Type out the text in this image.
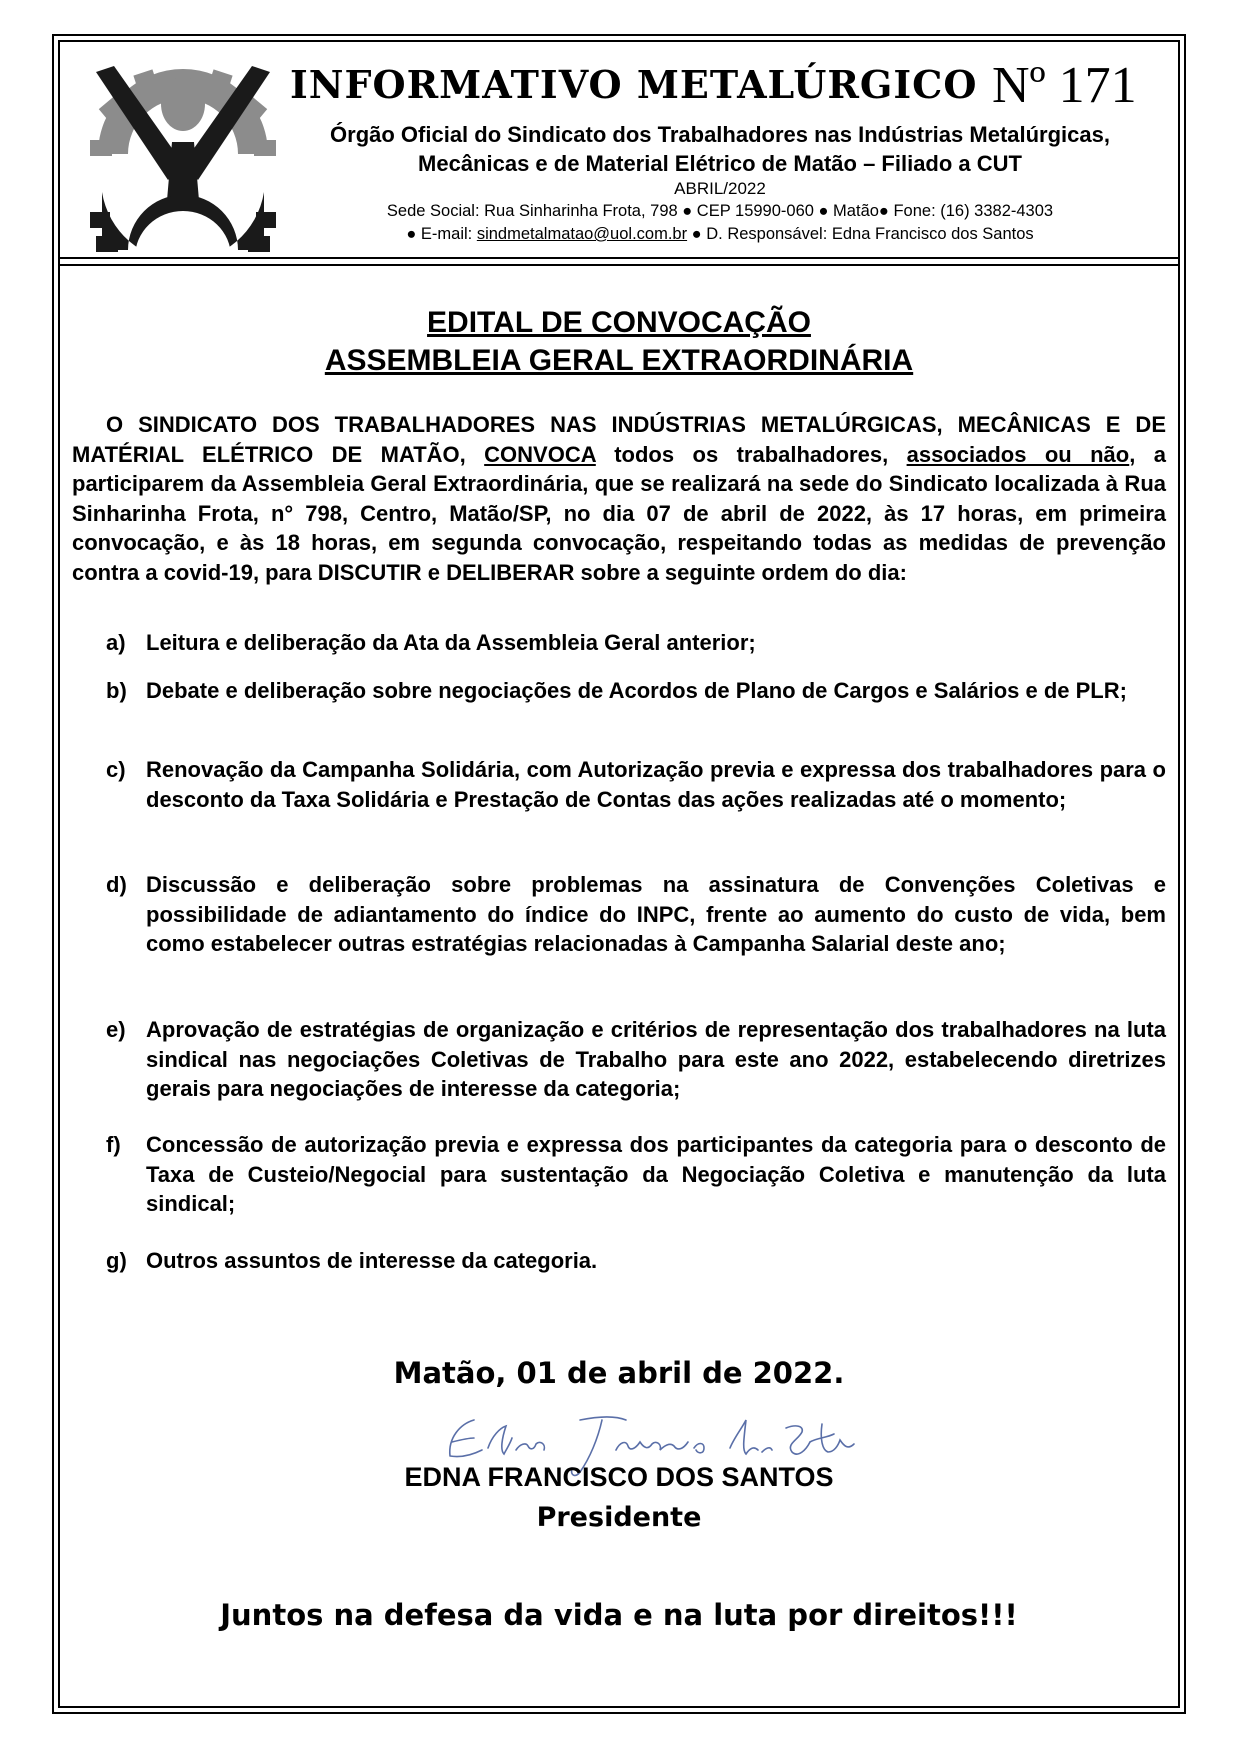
INFORMATIVO METALÚRGICO Nº 171
Órgão Oficial do Sindicato dos Trabalhadores nas Indústrias Metalúrgicas,
Mecânicas e de Material Elétrico de Matão – Filiado a CUT
ABRIL/2022
Sede Social: Rua Sinharinha Frota, 798 ● CEP 15990-060 ● Matão● Fone: (16) 3382-4303
● E-mail: sindmetalmatao@uol.com.br ● D. Responsável: Edna Francisco dos Santos
EDITAL DE CONVOCAÇÃO
ASSEMBLEIA GERAL EXTRAORDINÁRIA
O SINDICATO DOS TRABALHADORES NAS INDÚSTRIAS METALÚRGICAS, MECÂNICAS E DE MATÉRIAL ELÉTRICO DE MATÃO, CONVOCA todos os trabalhadores, associados ou não, a participarem da Assembleia Geral Extraordinária, que se realizará na sede do Sindicato localizada à Rua Sinharinha Frota, n° 798, Centro, Matão/SP, no dia 07 de abril de 2022, às 17 horas, em primeira convocação, e às 18 horas, em segunda convocação, respeitando todas as medidas de prevenção contra a covid-19, para DISCUTIR e DELIBERAR sobre a seguinte ordem do dia:
a) Leitura e deliberação da Ata da Assembleia Geral anterior;
b) Debate e deliberação sobre negociações de Acordos de Plano de Cargos e Salários e de PLR;
c) Renovação da Campanha Solidária, com Autorização previa e expressa dos trabalhadores para o desconto da Taxa Solidária e Prestação de Contas das ações realizadas até o momento;
d) Discussão e deliberação sobre problemas na assinatura de Convenções Coletivas e possibilidade de adiantamento do índice do INPC, frente ao aumento do custo de vida, bem como estabelecer outras estratégias relacionadas à Campanha Salarial deste ano;
e) Aprovação de estratégias de organização e critérios de representação dos trabalhadores na luta sindical nas negociações Coletivas de Trabalho para este ano 2022, estabelecendo diretrizes gerais para negociações de interesse da categoria;
f) Concessão de autorização previa e expressa dos participantes da categoria para o desconto de Taxa de Custeio/Negocial para sustentação da Negociação Coletiva e manutenção da luta sindical;
g) Outros assuntos de interesse da categoria.
Matão, 01 de abril de 2022.
EDNA FRANCISCO DOS SANTOS
Presidente
Juntos na defesa da vida e na luta por direitos!!!
